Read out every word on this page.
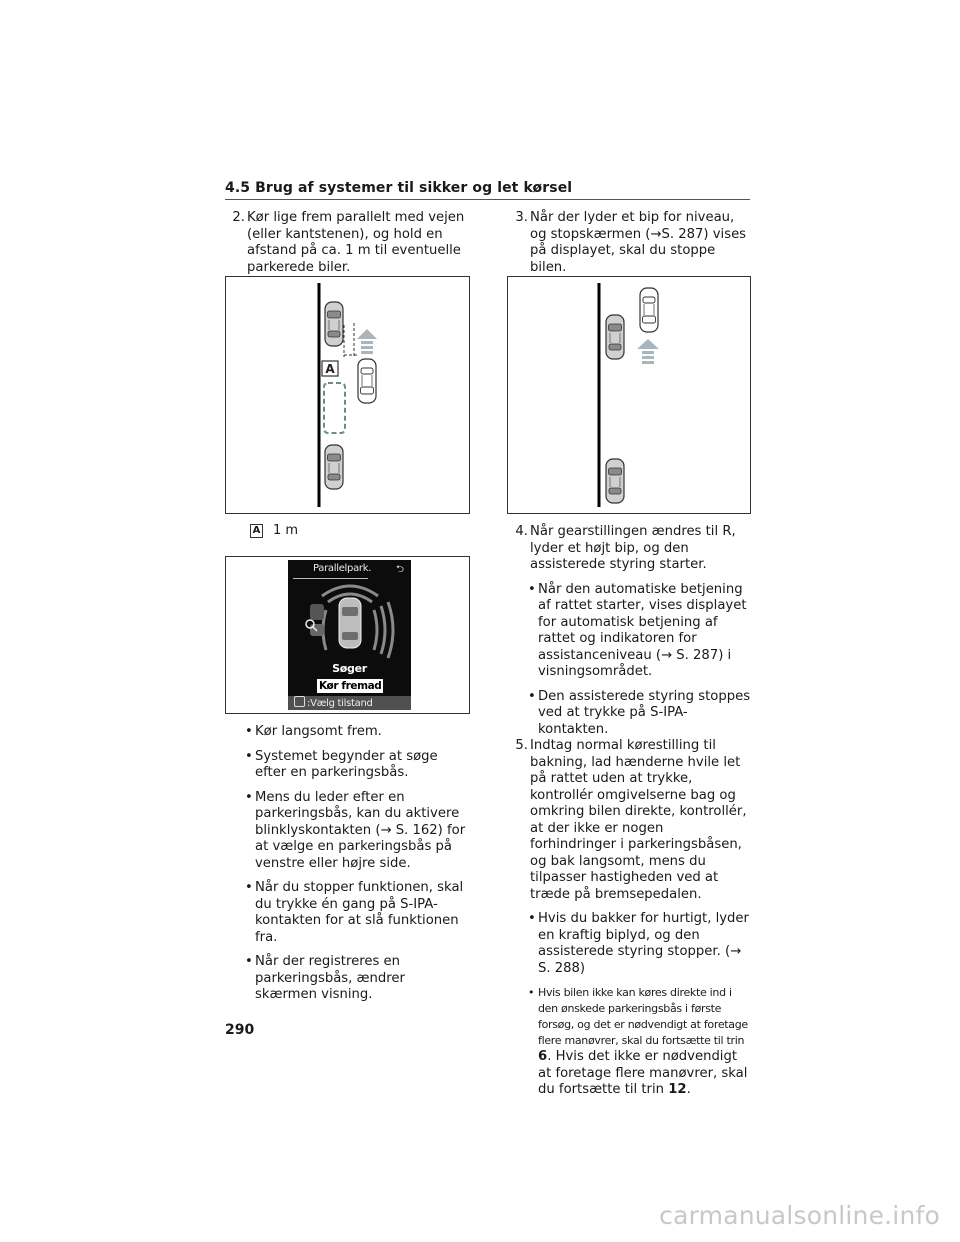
4.5 Brug af systemer til sikker og let kørsel
2. Kør lige frem parallelt med vejen (eller kantstenen), og hold en afstand på ca. 1 m til eventuelle parkerede biler.
A
A 1 m
Parallelpark. ⮌
Søger
Kør fremad
:Vælg tilstand
• Kør langsomt frem.
• Systemet begynder at søge efter en parkeringsbås.
• Mens du leder efter en parkeringsbås, kan du aktivere blinklyskontakten (→ S. 162) for at vælge en parkeringsbås på venstre eller højre side.
• Når du stopper funktionen, skal du trykke én gang på S-IPA-kontakten for at slå funktionen fra.
• Når der registreres en parkeringsbås, ændrer skærmen visning.
3. Når der lyder et bip for niveau, og stopskærmen (→S. 287) vises på displayet, skal du stoppe bilen.
4. Når gearstillingen ændres til R, lyder et højt bip, og den assisterede styring starter.
• Når den automatiske betjening af rattet starter, vises displayet for automatisk betjening af rattet og indikatoren for assistanceniveau (→ S. 287) i visningsområdet.
• Den assisterede styring stoppes ved at trykke på S-IPA-kontakten.
5. Indtag normal kørestilling til bakning, lad hænderne hvile let på rattet uden at trykke, kontrollér omgivelserne bag og omkring bilen direkte, kontrollér, at der ikke er nogen forhindringer i parkeringsbåsen, og bak langsomt, mens du tilpasser hastigheden ved at træde på bremsepedalen.
• Hvis du bakker for hurtigt, lyder en kraftig biplyd, og den assisterede styring stopper. (→ S. 288)
• Hvis bilen ikke kan køres direkte ind i den ønskede parkeringsbås i første forsøg, og det er nødvendigt at foretage flere manøvrer, skal du fortsætte til trin
6. Hvis det ikke er nødvendigt at foretage flere manøvrer, skal du fortsætte til trin 12.
290
carmanualsonline.info
